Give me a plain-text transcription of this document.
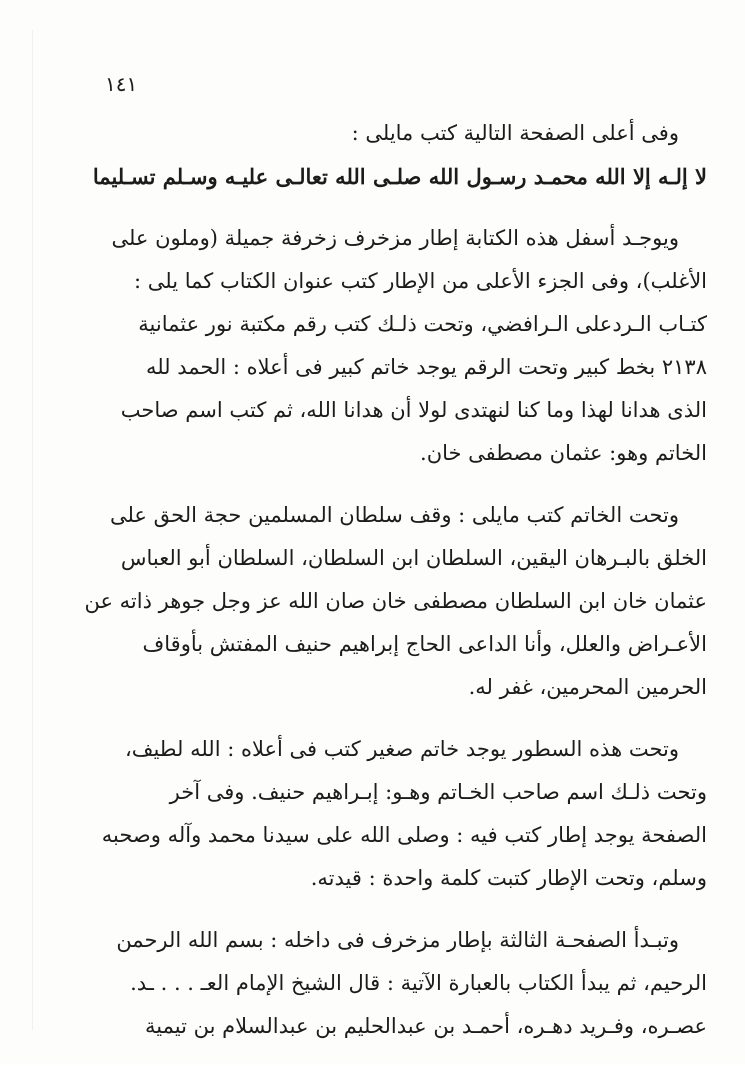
١٤١
وفى أعلى الصفحة التالية كتب مايلى :
لا إلـه إلا الله محمـد رسـول الله صلـى الله تعالـى عليـه وسـلم تسـليما
ويوجـد أسفل هذه الكتابة إطار مزخرف زخرفة جميلة (وملون على
الأغلب)، وفى الجزء الأعلى من الإطار كتب عنوان الكتاب كما يلى :
كتـاب الـردعلى الـرافضي، وتحت ذلـك كتب رقم مكتبة نور عثمانية
٢١٣٨ بخط كبير وتحت الرقم يوجد خاتم كبير فى أعلاه : الحمد لله
الذى هدانا لهذا وما كنا لنهتدى لولا أن هدانا الله، ثم كتب اسم صاحب
الخاتم وهو: عثمان مصطفى خان.
وتحت الخاتم كتب مايلى : وقف سلطان المسلمين حجة الحق على
الخلق بالبـرهان اليقين، السلطان ابن السلطان، السلطان أبو العباس
عثمان خان ابن السلطان مصطفى خان صان الله عز وجل جوهر ذاته عن
الأعـراض والعلل، وأنا الداعى الحاج إبراهيم حنيف المفتش بأوقاف
الحرمين المحرمين، غفر له.
وتحت هذه السطور يوجد خاتم صغير كتب فى أعلاه : الله لطيف،
وتحت ذلـك اسم صاحب الخـاتم وهـو: إبـراهيم حنيف. وفى آخر
الصفحة يوجد إطار كتب فيه : وصلى الله على سيدنا محمد وآله وصحبه
وسلم، وتحت الإطار كتبت كلمة واحدة : قيدته.
وتبـدأ الصفحـة الثالثة بإطار مزخرف فى داخله : بسم الله الرحمن
الرحيم، ثم يبدأ الكتاب بالعبارة الآتية : قال الشيخ الإمام العـ . . . ـد.
عصـره، وفـريد دهـره، أحمـد بن عبدالحليم بن عبدالسلام بن تيمية
